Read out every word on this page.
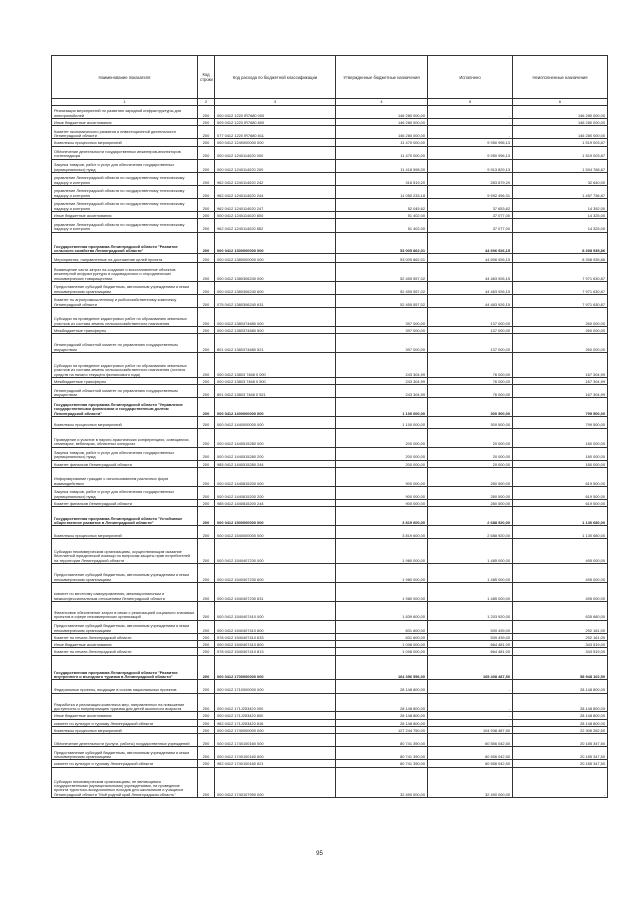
Наименование показателя	Код строки	Код расхода по бюджетной классификации	Утвержденные бюджетные назначения	Исполнено	Неисполненные назначения
1	2	3	4	5	6
Реализация мероприятий по развитию зарядной инфраструктуры для электромобилей	200	000 0412 1220 IR7680 000	146 280 000,00	-	146 280 000,00
Иные бюджетные ассигнования	200	509 0412 1220 IR7680 800	146 280 000,00	-	146 280 000,00
Комитет экономического развития и инвестиционной деятельности Ленинградской области	200	077 0412 1220 IR7680 811	146 280 000,00	-	146 280 000,00
Комплексы процессных мероприятий	200	000 0412 1240000000 000	11 470 000,00	9 950 996,13	1 519 003,87
Обеспечение деятельности государственных инженеров-инспекторов гостехнадзора	200	000 0412 1240114020 000	11 470 000,00	9 950 996,13	1 519 003,87
Закупка товаров, работ и услуг для обеспечения государственных (муниципальных) нужд	200	000 0412 1240114020 200	11 418 598,00	9 913 829,13	1 504 768,87
управление Ленинградской области по государственному техническому надзору и контролю	200	962 0412 1240114020 242	316 519,20	283 879,20	32 640,00
управление Ленинградской области по государственному техническому надзору и контролю	200	962 0412 1240114020 244	11 050 233,18	9 592 496,31	1 457 736,87
управление Ленинградской области по государственному техническому надзору и контролю	200	962 0412 1240114020 247	52 045,62	37 653,62	14 392,00
Иные бюджетные ассигнования	200	000 0412 1240114020 800	51 402,00	37 077,00	14 325,00
управление Ленинградской области по государственному техническому надзору и контролю	200	962 0412 1240114020 852	51 402,00	37 077,00	14 325,00
Государственная программа Ленинградской области "Развитие сельского хозяйства Ленинградской области"	200	000 0412 1300000000 000	53 005 862,01	44 696 926,15	8 308 935,86
Мероприятия, направленные на достижение целей проекта	200	000 0412 1380000000 000	53 005 862,01	44 696 926,15	8 308 935,86
Возмещение части затрат на создание и восстановление объектов инженерной инфраструктуры в садоводческих и огороднических некоммерческих товариществах	200	000 0412 1380306240 000	52 455 557,02	44 483 926,15	7 971 630,87
Предоставление субсидий бюджетным, автономным учреждениям и иным некоммерческим организациям	200	000 0412 1380306240 600	52 455 557,02	44 483 926,15	7 971 630,87
Комитет по агропромышленному и рыбохозяйственному комплексу Ленинградской области	200	075 0412 1380306240 631	52 455 557,02	44 483 926,15	7 971 630,87
Субсидии на проведение кадастровых работ по образованию земельных участков из состава земель сельскохозяйственного назначения	200	000 0412 1380374680 000	397 000,00	137 000,00	260 000,00
Межбюджетные трансферты	200	000 0412 1380374680 500	397 000,00	137 000,00	260 000,00
Ленинградский областной комитет по управлению государственным имуществом	200	801 0412 1380374680 521	397 000,00	137 000,00	260 000,00
Субсидии на проведение кадастровых работ по образованию земельных участков из состава земель сельскохозяйственного назначения (остаток средств на начало текущего финансового года)	200	000 0412 13803 7468 0 000	243 304,99	76 000,00	167 304,99
Межбюджетные трансферты	200	000 0412 13803 7468 0 500	243 304,99	76 000,00	167 304,99
Ленинградский областной комитет по управлению государственным имуществом	200	801 0412 13803 7468 0 521	243 304,99	76 000,00	167 304,99
Государственная программа Ленинградской области "Управление государственными финансами и государственным долгом Ленинградской области"	200	000 0412 1400000000 000	1 100 000,00	300 500,00	799 500,00
Комплексы процессных мероприятий	200	000 0412 1440000000 000	1 100 000,00	300 500,00	799 500,00
Проведение и участие в научно-практических конференциях, совещаниях, семинарах, вебинарах, областных конкурсах	200	000 0412 1440515280 000	200 000,00	20 000,00	180 000,00
Закупка товаров, работ и услуг для обеспечения государственных (муниципальных) нужд	200	000 0412 1440515280 200	200 000,00	20 000,00	180 000,00
Комитет финансов Ленинградской области	200	985 0412 1440515280 244	200 000,00	20 000,00	180 000,00
Информирование граждан с использованием различных форм взаимодействия	200	000 0412 1440815200 000	900 000,00	280 500,00	619 500,00
Закупка товаров, работ и услуг для обеспечения государственных (муниципальных) нужд	200	000 0412 1440815200 200	900 000,00	280 500,00	619 500,00
Комитет финансов Ленинградской области	200	985 0412 1440815200 244	900 000,00	280 500,00	619 500,00
Государственная программа Ленинградской области "Устойчивое общественное развитие в Ленинградской области"	200	000 0412 1500000000 000	3 819 600,00	2 688 920,00	1 130 680,00
Комплексы процессных мероприятий	200	000 0412 1540000000 000	3 819 600,00	2 688 920,00	1 130 680,00
Субсидии некоммерческим организациям, осуществляющим оказание бесплатной юридической помощи по вопросам защиты прав потребителей на территории Ленинградской области	200	000 0412 1540407230 000	1 980 000,00	1 485 000,00	495 000,00
Предоставление субсидий бюджетным, автономным учреждениям и иным некоммерческим организациям	200	000 0412 1540407230 600	1 980 000,00	1 485 000,00	495 000,00
комитет по местному самоуправлению, межнациональным и межконфессиональным отношениям Ленинградской области	200	000 0412 1540407230 631	1 980 000,00	1 485 000,00	495 000,00
Финансовое обеспечение затрат в связи с реализацией социально значимых проектов в сфере некоммерческих организаций	200	000 0412 1540407410 000	1 839 600,00	1 203 920,00	635 680,00
Предоставление субсидий бюджетным, автономным учреждениям и иным некоммерческим организациям	200	000 0412 1540407410 600	831 600,00	539 439,00	292 161,00
Комитет по печати Ленинградской области	200	978 0412 1540407410 633	831 600,00	539 439,00	292 161,00
Иные бюджетные ассигнования	200	000 0412 1540407410 800	1 008 000,00	664 481,00	343 519,00
Комитет по печати Ленинградской области	200	978 0412 1540407410 813	1 008 000,00	664 481,00	343 519,00
Государственная программа Ленинградской области "Развитие внутреннего и въездного туризма в Ленинградской области"	200	000 0412 1700000000 000	164 356 556,00	105 408 487,50	58 948 102,50
Федеральные проекты, входящие в состав национальных проектов	200	000 0412 1710000000 000	28 148 800,00	-	28 148 800,00
Разработка и реализация комплекса мер, направленных на повышение доступности и популяризацию туризма для детей школьного возраста	200	000 0412 171J253420 000	28 148 800,00	-	28 148 800,00
Иные бюджетные ассигнования	200	000 0412 171J253420 800	28 148 800,00	-	28 148 800,00
комитет по культуре и туризму Ленинградской области	200	982 0412 171J253420 816	28 148 800,00	-	28 148 800,00
Комплексы процессных мероприятий	200	000 0412 1740000000 000	127 244 750,00	104 938 487,50	22 306 262,50
Обеспечение деятельности (услуги, работы) государственных учреждений	200	000 0412 1740100160 000	80 741 390,00	60 556 042,50	20 185 347,50
Предоставление субсидий бюджетным, автономным учреждениям и иным некоммерческим организациям	200	000 0412 1740100160 600	80 741 390,00	60 556 042,50	20 185 347,50
комитет по культуре и туризму Ленинградской области	200	982 0412 1740100160 621	80 741 390,00	60 556 042,50	20 185 347,50
Субсидии некоммерческим организациям, не являющимся государственными (муниципальными) учреждениями, на проведение проекта туристско-экскурсионных походов для школьников и учащихся Ленинградской области "Мой родной край Ленинградская область"	200	000 0412 1740107990 000	32 490 000,00	32 490 000,00	-
95
